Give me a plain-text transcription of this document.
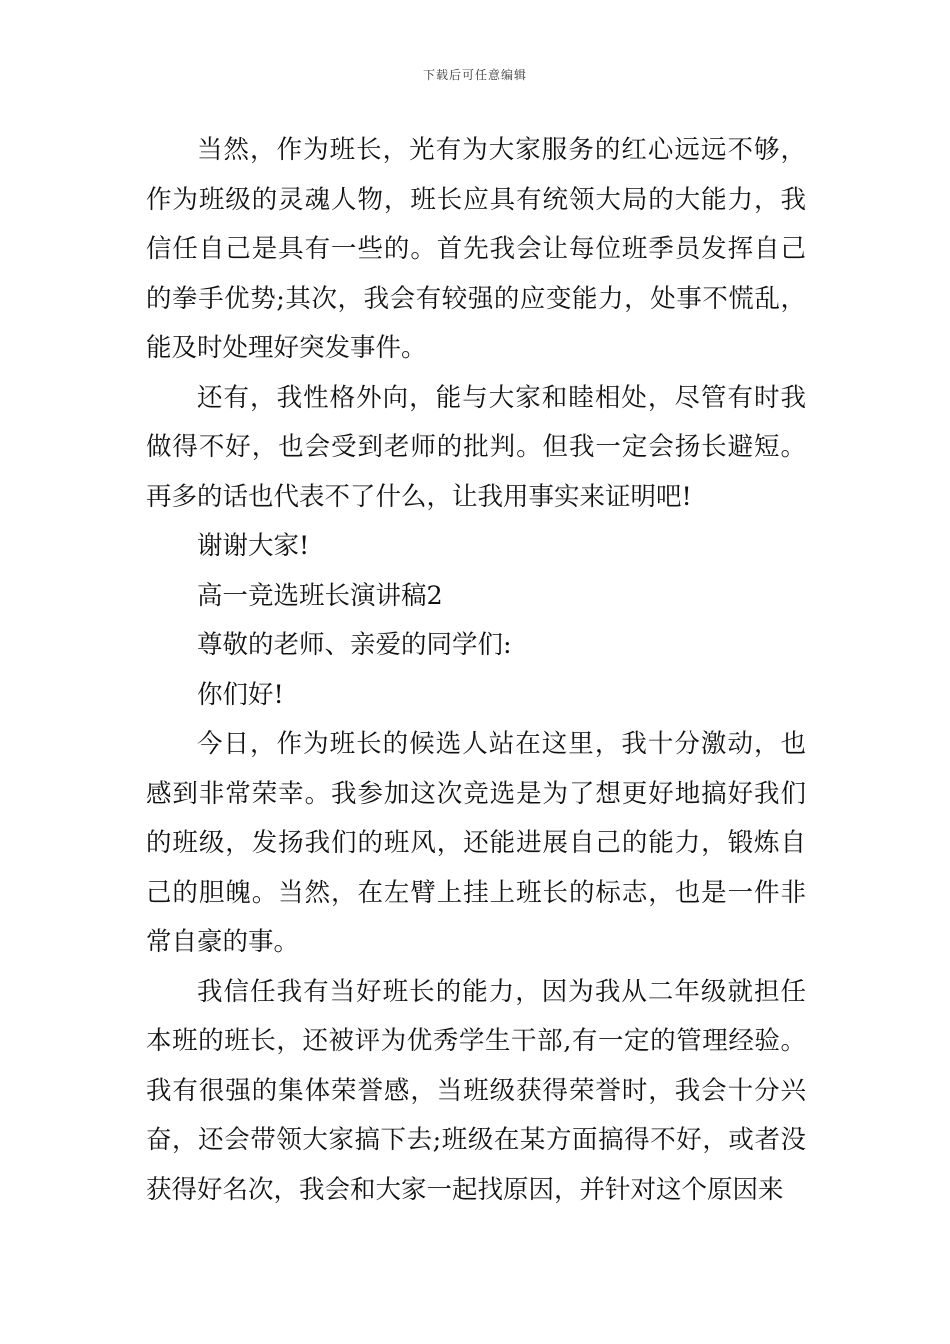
下载后可任意编辑

当然，作为班长，光有为大家服务的红心远远不够，作为班级的灵魂人物，班长应具有统领大局的大能力，我信任自己是具有一些的。首先我会让每位班季员发挥自己的拳手优势;其次，我会有较强的应变能力，处事不慌乱，能及时处理好突发事件。

还有，我性格外向，能与大家和睦相处，尽管有时我做得不好，也会受到老师的批判。但我一定会扬长避短。再多的话也代表不了什么，让我用事实来证明吧!

谢谢大家!

高一竞选班长演讲稿2

尊敬的老师、亲爱的同学们:

你们好!

今日，作为班长的候选人站在这里，我十分激动，也感到非常荣幸。我参加这次竞选是为了想更好地搞好我们的班级，发扬我们的班风，还能进展自己的能力，锻炼自己的胆魄。当然，在左臂上挂上班长的标志，也是一件非常自豪的事。

我信任我有当好班长的能力，因为我从二年级就担任本班的班长，还被评为优秀学生干部,有一定的管理经验。我有很强的集体荣誉感，当班级获得荣誉时，我会十分兴奋，还会带领大家搞下去;班级在某方面搞得不好，或者没获得好名次，我会和大家一起找原因，并针对这个原因来
